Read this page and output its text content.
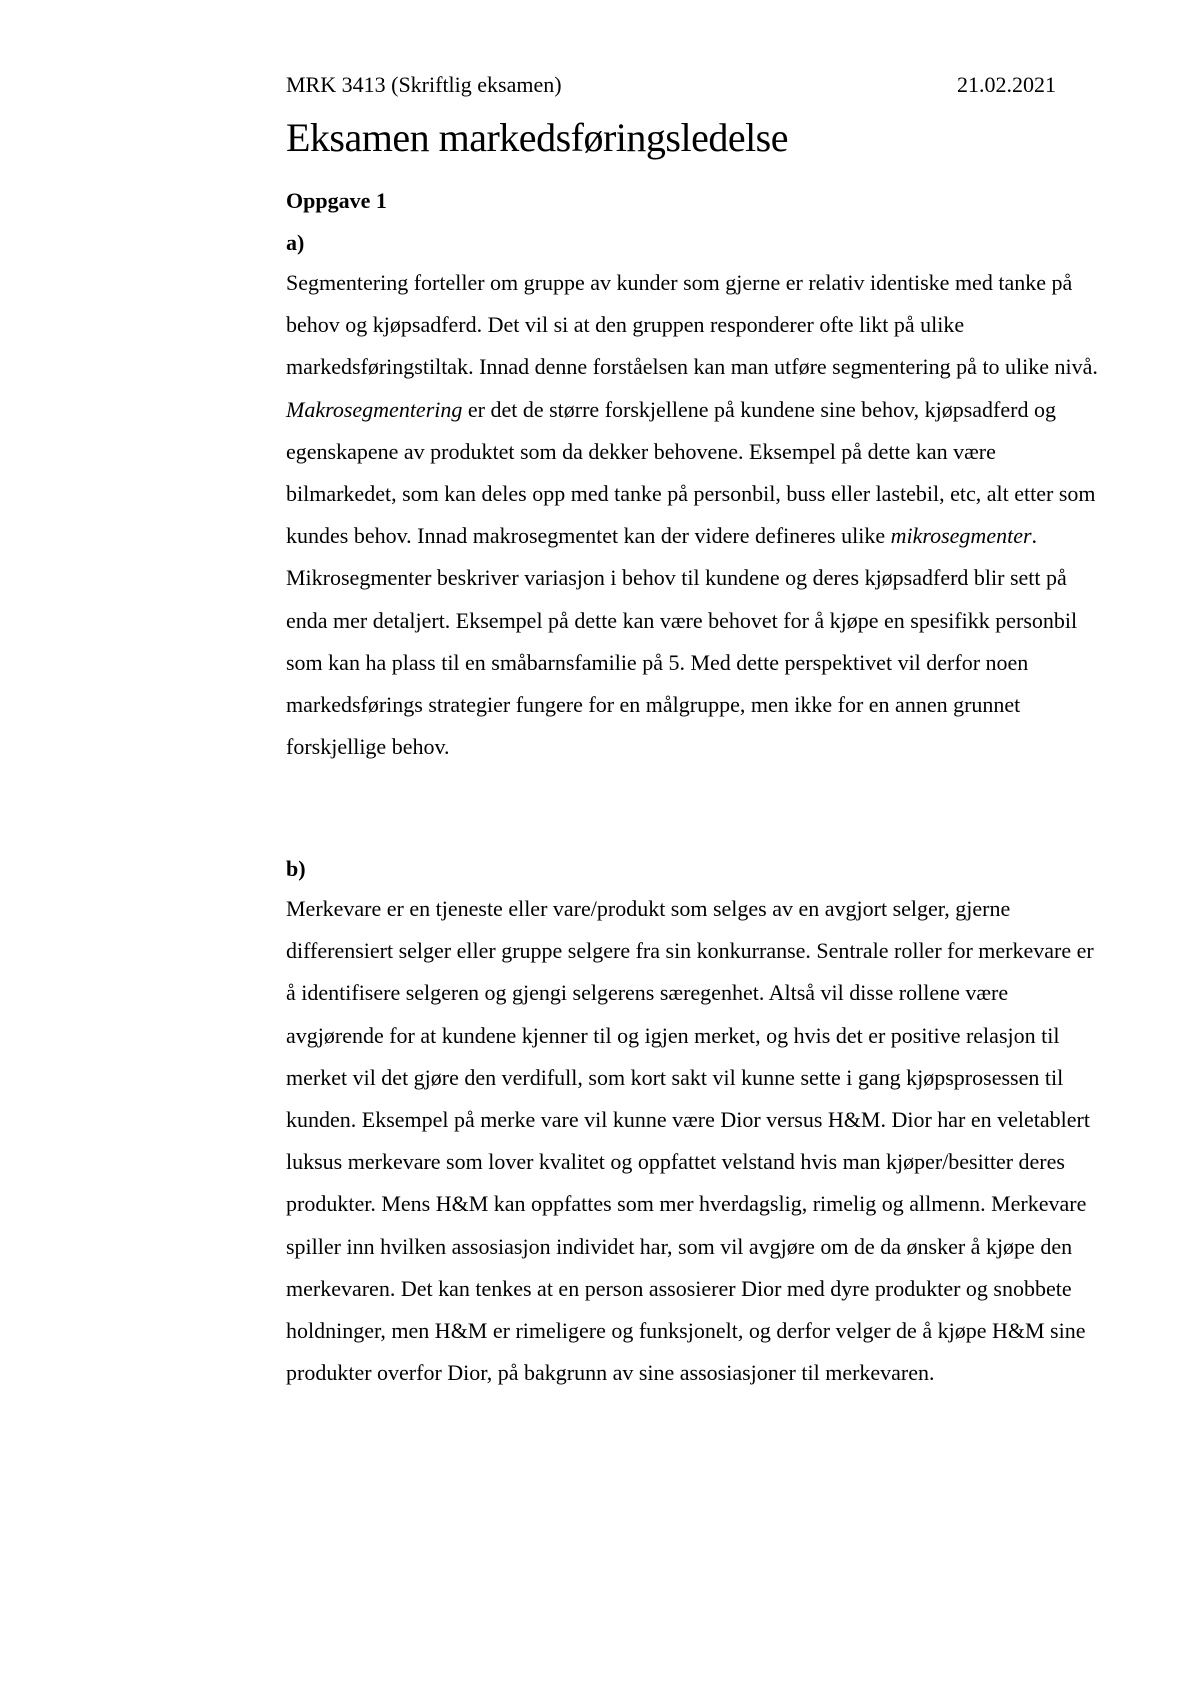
MRK 3413 (Skriftlig eksamen)	21.02.2021
Eksamen markedsføringsledelse
Oppgave 1
a)

Segmentering forteller om gruppe av kunder som gjerne er relativ identiske med tanke på behov og kjøpsadferd. Det vil si at den gruppen responderer ofte likt på ulike markedsføringstiltak. Innad denne forståelsen kan man utføre segmentering på to ulike nivå. Makrosegmentering er det de større forskjellene på kundene sine behov, kjøpsadferd og egenskapene av produktet som da dekker behovene. Eksempel på dette kan være bilmarkedet, som kan deles opp med tanke på personbil, buss eller lastebil, etc, alt etter som kundes behov. Innad makrosegmentet kan der videre defineres ulike mikrosegmenter. Mikrosegmenter beskriver variasjon i behov til kundene og deres kjøpsadferd blir sett på enda mer detaljert. Eksempel på dette kan være behovet for å kjøpe en spesifikk personbil som kan ha plass til en småbarnsfamilie på 5. Med dette perspektivet vil derfor noen markedsførings strategier fungere for en målgruppe, men ikke for en annen grunnet forskjellige behov.

b)

Merkevare er en tjeneste eller vare/produkt som selges av en avgjort selger, gjerne differensiert selger eller gruppe selgere fra sin konkurranse. Sentrale roller for merkevare er å identifisere selgeren og gjengi selgerens særegenhet. Altså vil disse rollene være avgjørende for at kundene kjenner til og igjen merket, og hvis det er positive relasjon til merket vil det gjøre den verdifull, som kort sakt vil kunne sette i gang kjøpsprosessen til kunden. Eksempel på merke vare vil kunne være Dior versus H&M. Dior har en veletablert luksus merkevare som lover kvalitet og oppfattet velstand hvis man kjøper/besitter deres produkter. Mens H&M kan oppfattes som mer hverdagslig, rimelig og allmenn. Merkevare spiller inn hvilken assosiasjon individet har, som vil avgjøre om de da ønsker å kjøpe den merkevaren. Det kan tenkes at en person assosierer Dior med dyre produkter og snobbete holdninger, men H&M er rimeligere og funksjonelt, og derfor velger de å kjøpe H&M sine produkter overfor Dior, på bakgrunn av sine assosiasjoner til merkevaren.
